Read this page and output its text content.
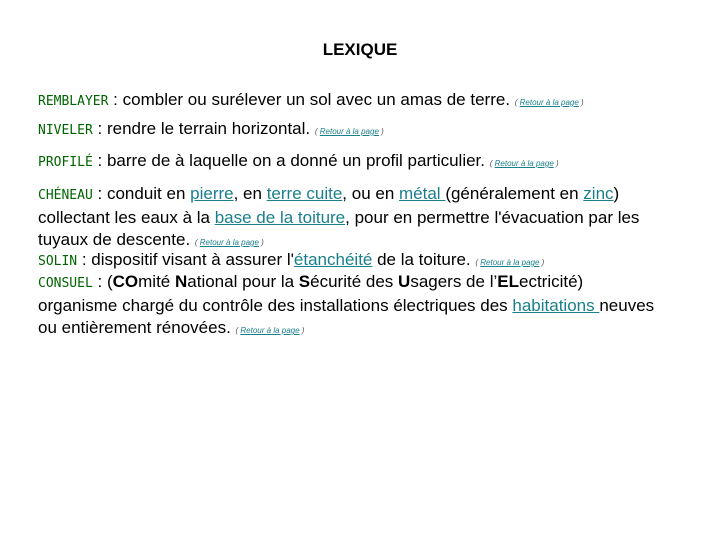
LEXIQUE
REMBLAYER : combler ou surélever un sol avec un amas de terre. ( Retour à la page )
NIVELER : rendre le terrain horizontal. ( Retour à la page )
PROFILÉ : barre de à laquelle on a donné un profil particulier. ( Retour à la page )
CHÉNEAU : conduit en pierre, en terre cuite, ou en métal (généralement en zinc)
collectant les eaux à la base de la toiture, pour en permettre l'évacuation par les
tuyaux de descente. ( Retour à la page )
SOLIN : dispositif visant à assurer l'étanchéité de la toiture. ( Retour à la page )
CONSUEL : (COmité National pour la Sécurité des Usagers de l’ELectricité)
organisme chargé du contrôle des installations électriques des habitations neuves
ou entièrement rénovées. ( Retour à la page )
